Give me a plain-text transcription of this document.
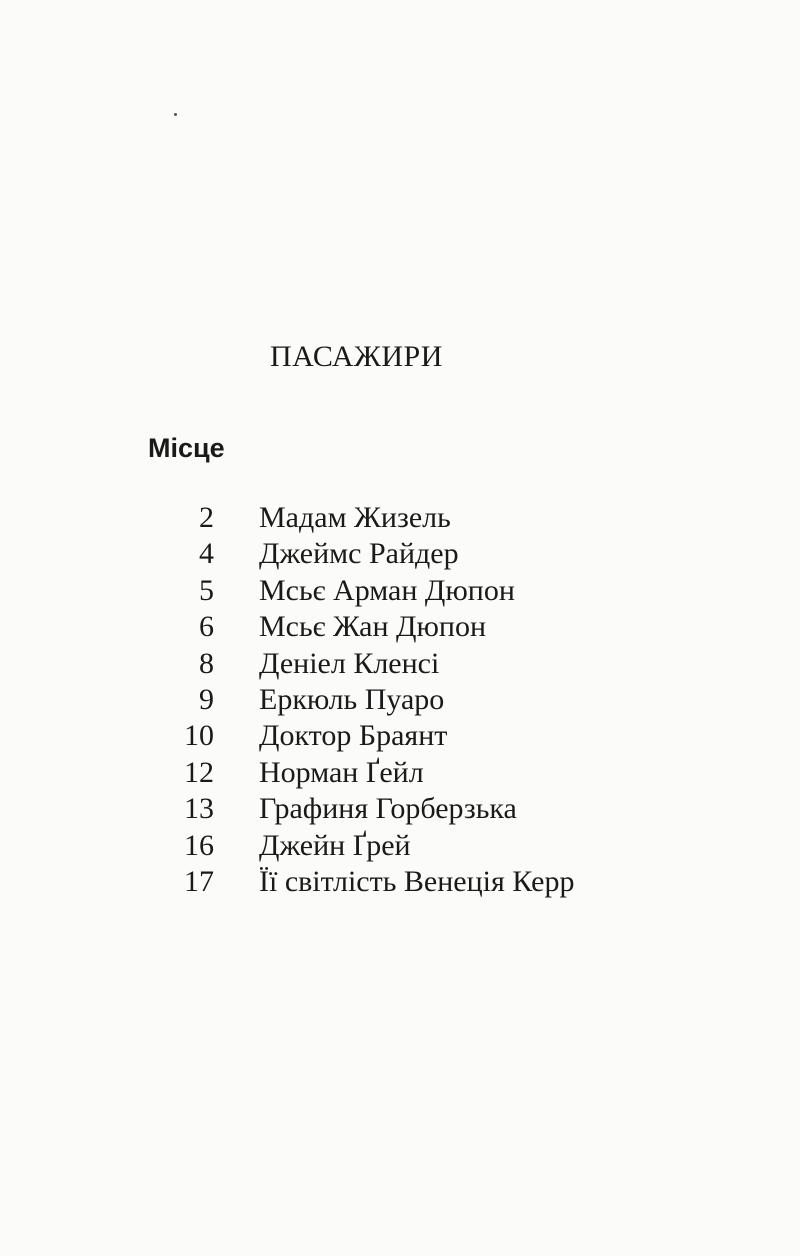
ПАСАЖИРИ
Місце
2 Мадам Жизель
4 Джеймс Райдер
5 Мсьє Арман Дюпон
6 Мсьє Жан Дюпон
8 Деніел Кленсі
9 Еркюль Пуаро
10 Доктор Браянт
12 Норман Ґейл
13 Графиня Горберзька
16 Джейн Ґрей
17 Її світлість Венеція Керр
